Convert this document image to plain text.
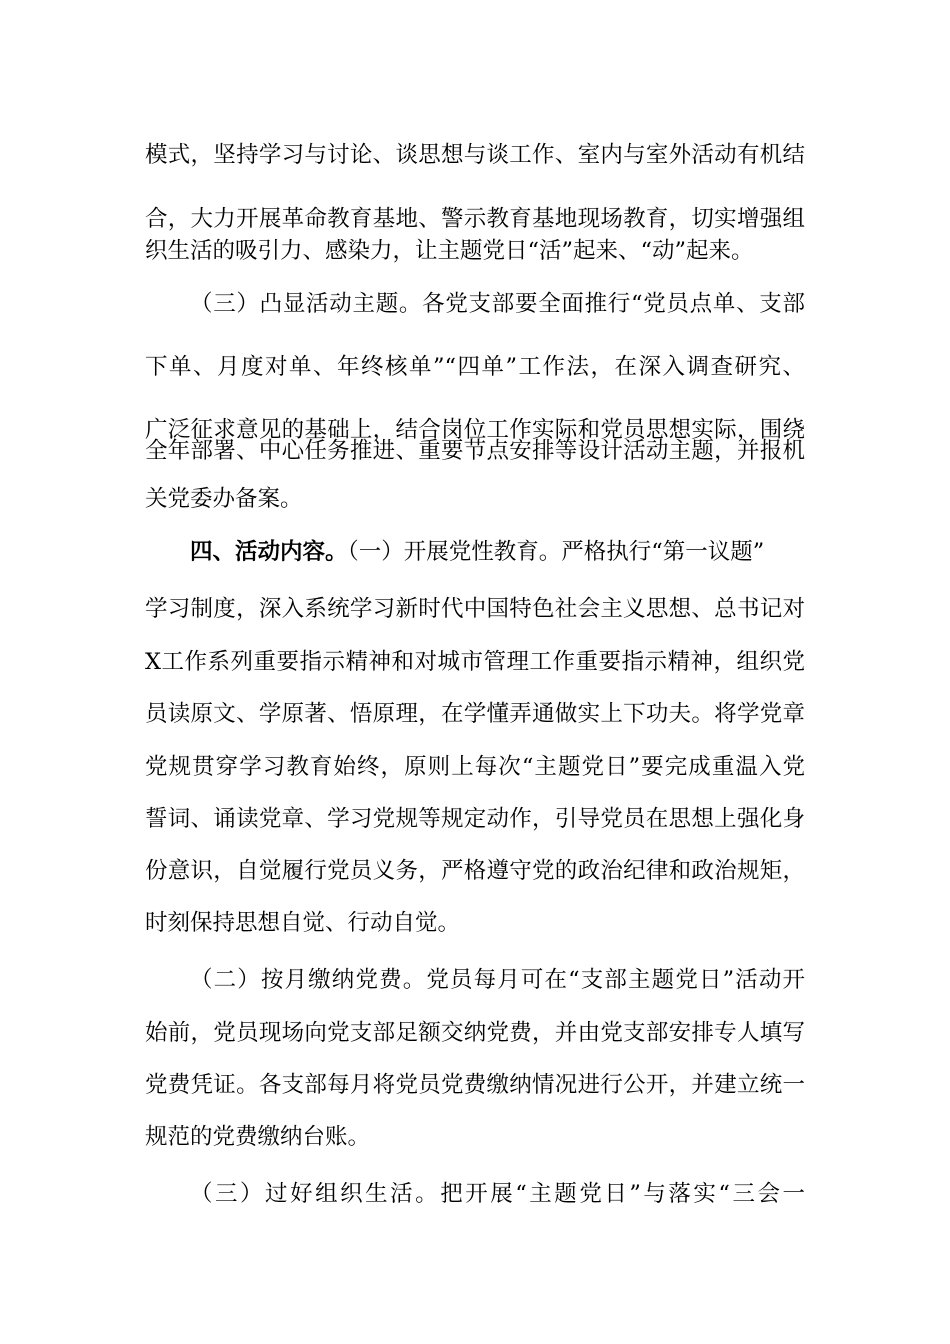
模式，坚持学习与讨论、谈思想与谈工作、室内与室外活动有机结
合，大力开展革命教育基地、警示教育基地现场教育，切实增强组
织生活的吸引力、感染力，让主题党日“活”起来、“动”起来。
（三）凸显活动主题。各党支部要全面推行“党员点单、支部
下单、月度对单、年终核单”“四单”工作法，在深入调查研究、
广泛征求意见的基础上，结合岗位工作实际和党员思想实际，围绕
全年部署、中心任务推进、重要节点安排等设计活动主题，并报机
关党委办备案。
四、活动内容。（一）开展党性教育。严格执行“第一议题”
学习制度，深入系统学习新时代中国特色社会主义思想、总书记对
X工作系列重要指示精神和对城市管理工作重要指示精神，组织党
员读原文、学原著、悟原理，在学懂弄通做实上下功夫。将学党章
党规贯穿学习教育始终，原则上每次“主题党日”要完成重温入党
誓词、诵读党章、学习党规等规定动作，引导党员在思想上强化身
份意识，自觉履行党员义务，严格遵守党的政治纪律和政治规矩，
时刻保持思想自觉、行动自觉。
（二）按月缴纳党费。党员每月可在“支部主题党日”活动开
始前，党员现场向党支部足额交纳党费，并由党支部安排专人填写
党费凭证。各支部每月将党员党费缴纳情况进行公开，并建立统一
规范的党费缴纳台账。
（三）过好组织生活。把开展“主题党日”与落实“三会一
